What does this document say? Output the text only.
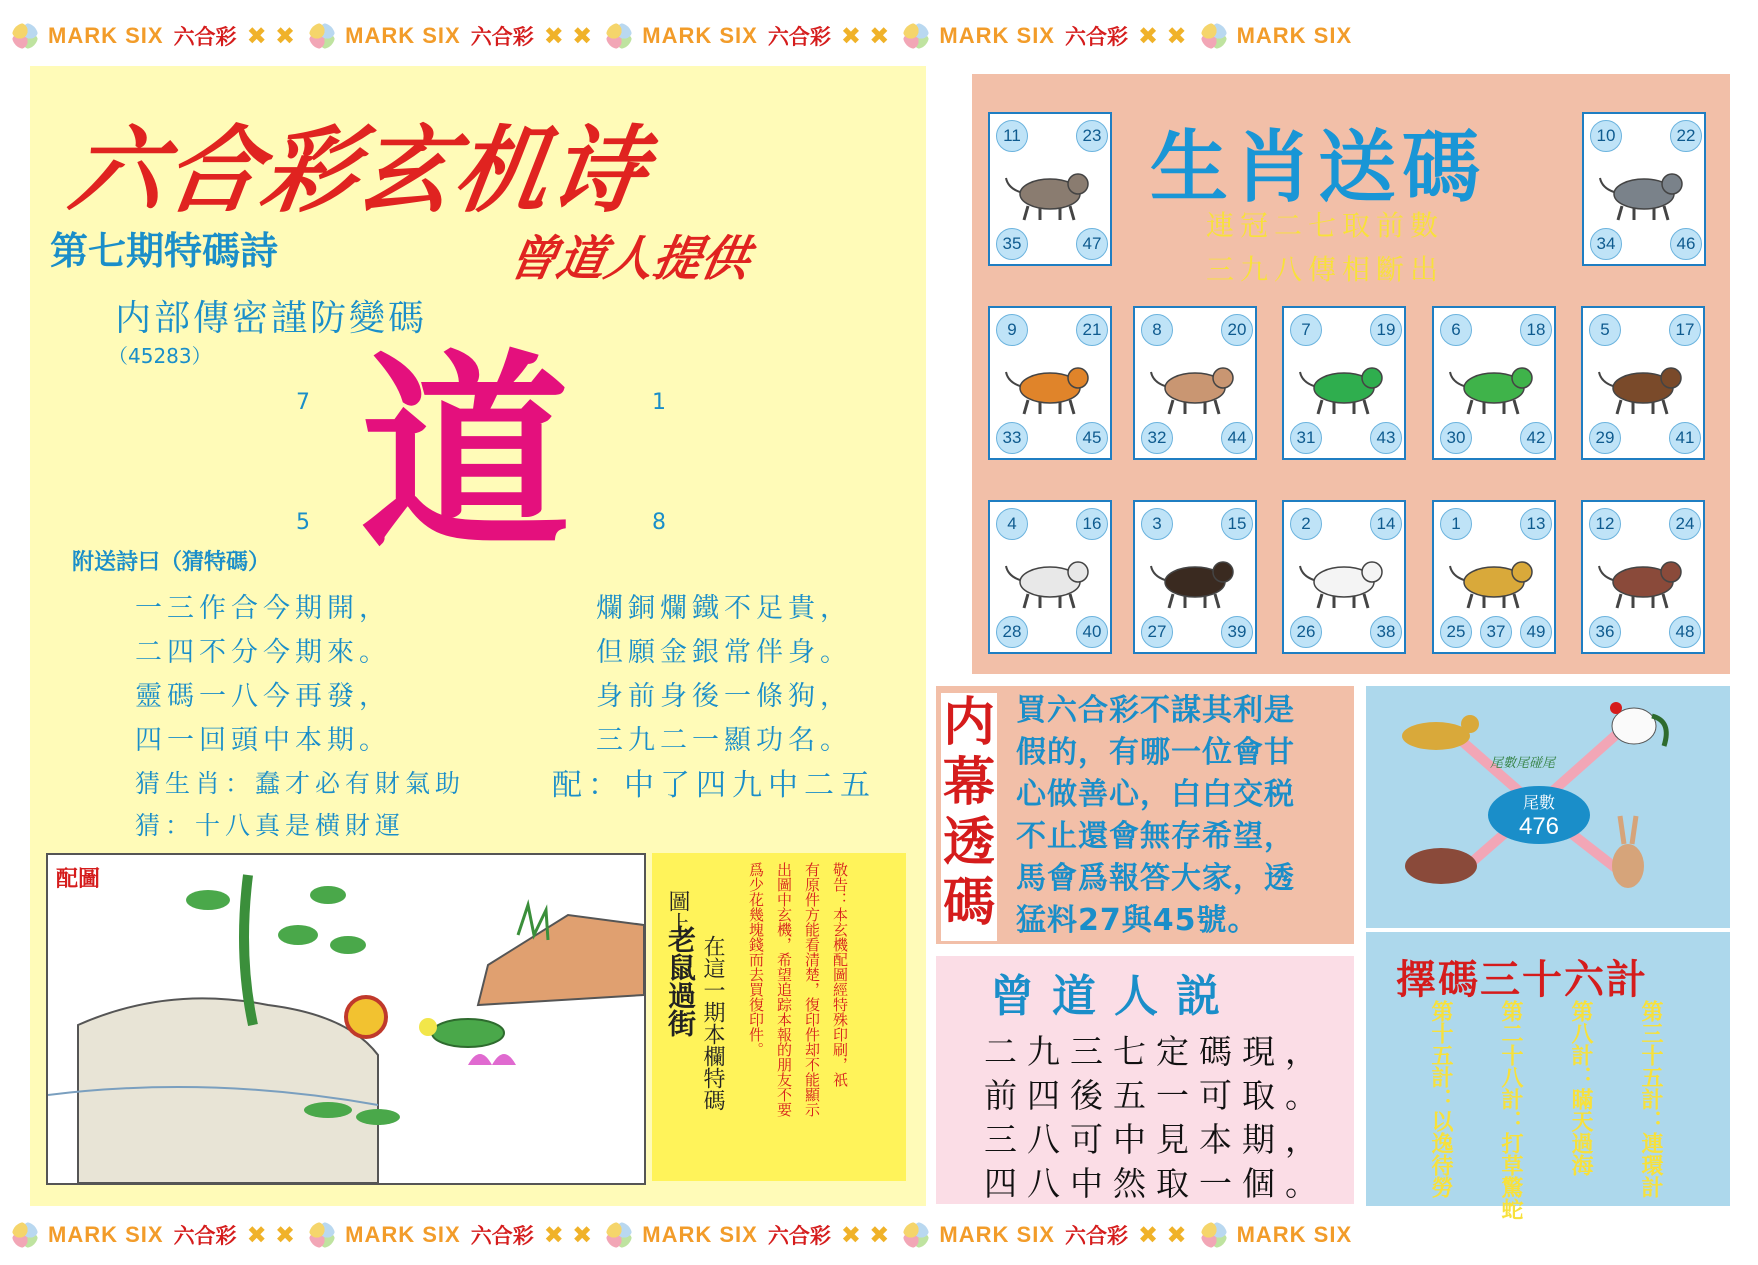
MARK SIX 六合彩 ✖ ✖ MARK SIX 六合彩 ✖ ✖ MARK SIX 六合彩 ✖ ✖ MARK SIX 六合彩 ✖ ✖ MARK SIX
MARK SIX 六合彩 ✖ ✖ MARK SIX 六合彩 ✖ ✖ MARK SIX 六合彩 ✖ ✖ MARK SIX 六合彩 ✖ ✖ MARK SIX
六合彩玄机诗
第七期特碼詩	曾道人提供
内部傳密謹防變碼
（45283） 道
7	1
5	8
附送詩曰（猜特碼）
一三作合今期開，
二四不分今期來。
靈碼一八今再發，
四一回頭中本期。
爛銅爛鐵不足貴，
但願金銀常伴身。
身前身後一條狗，
三九二一顯功名。
猜生肖：蠢才必有財氣助	配：中了四九中二五
猜：十八真是横財運
配圖
圖上
老鼠過街 在這一期本欄特碼	敬告：本玄機配圖經特殊印刷，祇
有原件方能看清楚，復印件却不能顯示
出圖中玄機，希望追踪本報的朋友不要
爲少花幾塊錢而去買復印件。
生肖送碼
連冠二七取前數
三九八傳相斷出
11	23
35	47
10	22
34	46
9	21
33	45
8	20
32	44
7	19
31	43
6	18
30	42
5	17
29	41
4	16
28	40
3	15
27	39
2	14
26	38
1	13
25	37	49
12	24
36	48
内幕透碼
買六合彩不謀其利是
假的，有哪一位會甘
心做善心，白白交税
不止還會無存希望，
馬會爲報答大家，透
猛料27與45號。
尾數尾碰尾
尾數
476
擇碼三十六計
第三十五計：連環計
第八計：瞞天過海
第二十八計：打草驚蛇
第十五計：以逸待勞
曾道人説
二九三七定碼現，
前四後五一可取。
三八可中見本期，
四八中然取一個。
